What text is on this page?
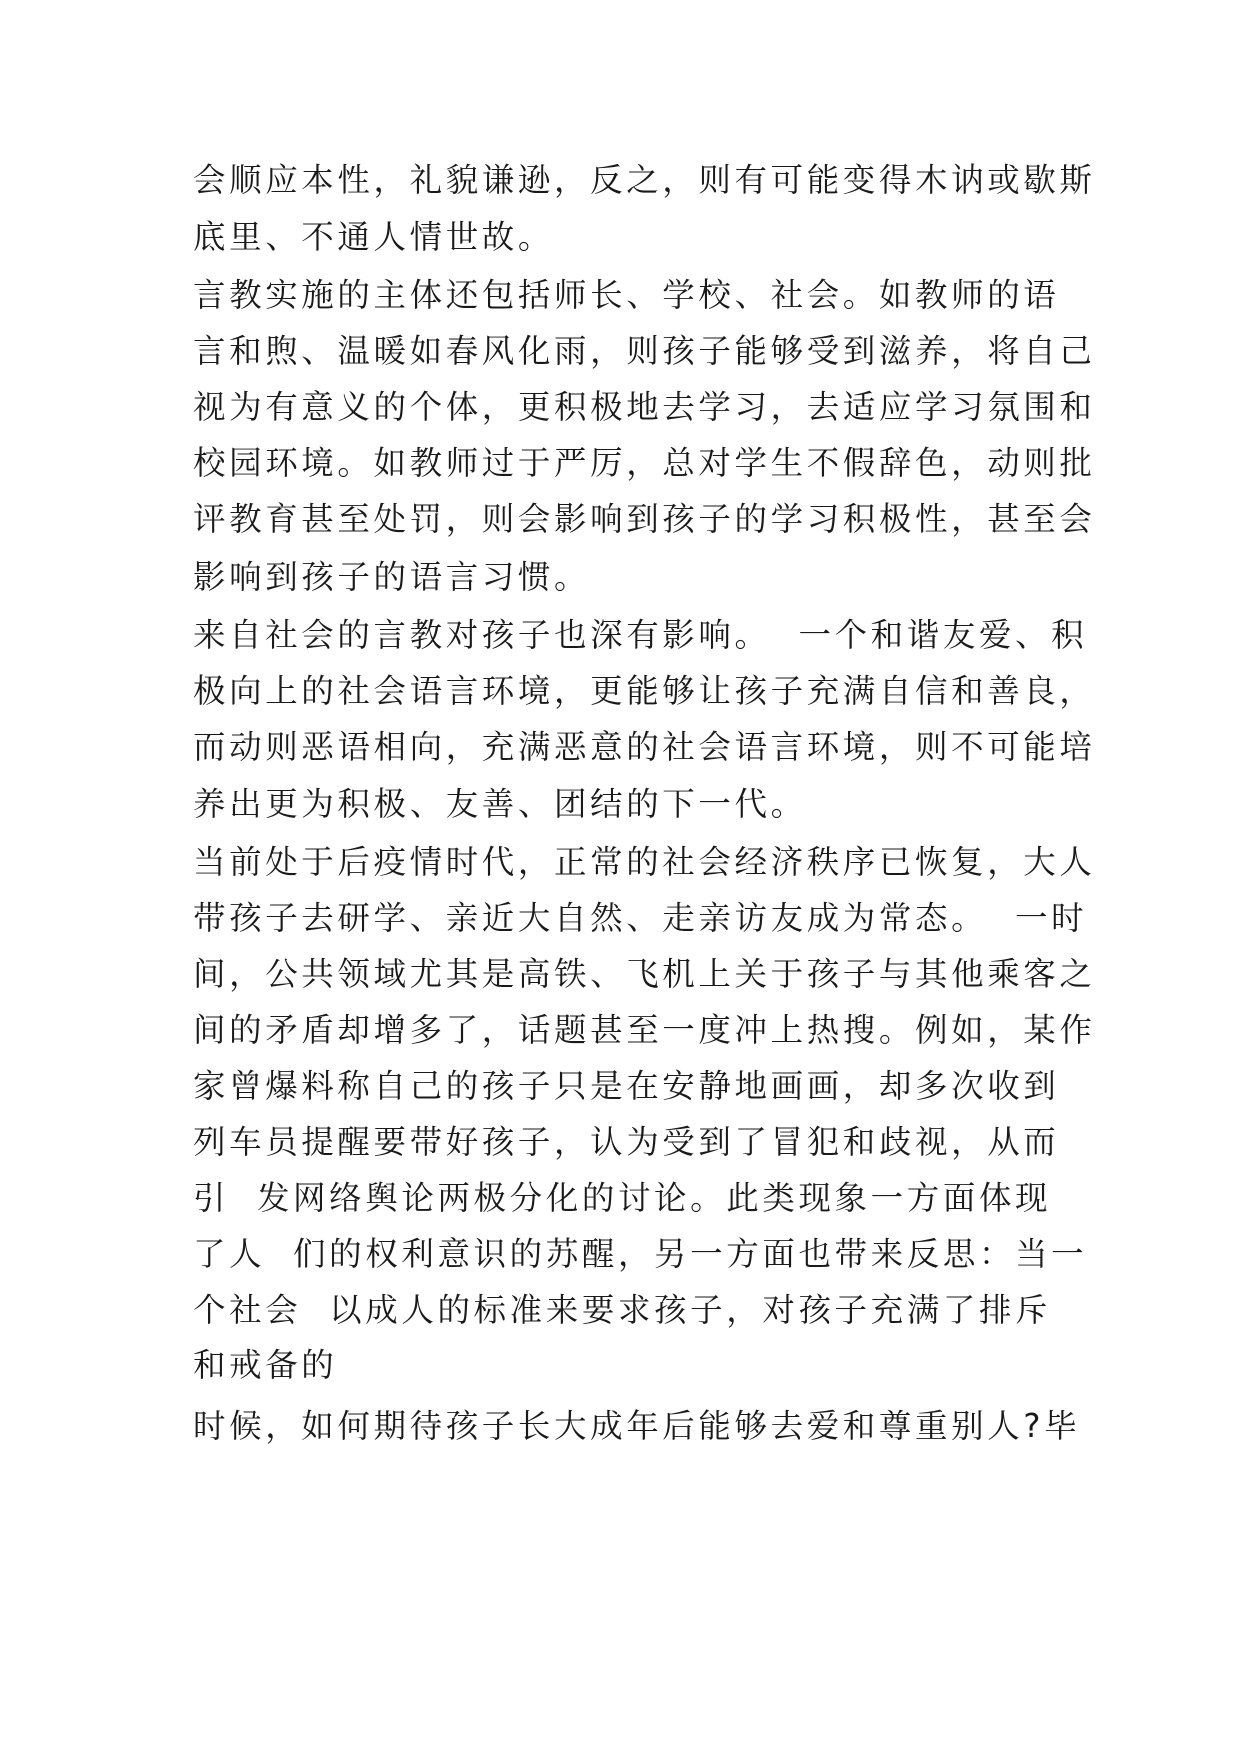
会顺应本性，礼貌谦逊，反之，则有可能变得木讷或歇斯
底里、不通人情世故。
言教实施的主体还包括师长、学校、社会。如教师的语
言和煦、温暖如春风化雨，则孩子能够受到滋养，将自己
视为有意义的个体，更积极地去学习，去适应学习氛围和
校园环境。如教师过于严厉，总对学生不假辞色，动则批
评教育甚至处罚，则会影响到孩子的学习积极性，甚至会
影响到孩子的语言习惯。
来自社会的言教对孩子也深有影响。  一个和谐友爱、积
极向上的社会语言环境，更能够让孩子充满自信和善良，
而动则恶语相向，充满恶意的社会语言环境，则不可能培
养出更为积极、友善、团结的下一代。
当前处于后疫情时代，正常的社会经济秩序已恢复，大人
带孩子去研学、亲近大自然、走亲访友成为常态。  一时
间，公共领域尤其是高铁、飞机上关于孩子与其他乘客之
间的矛盾却增多了，话题甚至一度冲上热搜。例如，某作
家曾爆料称自己的孩子只是在安静地画画，却多次收到
列车员提醒要带好孩子，认为受到了冒犯和歧视，从而
引  发网络舆论两极分化的讨论。此类现象一方面体现
了人  们的权利意识的苏醒，另一方面也带来反思：当一
个社会  以成人的标准来要求孩子，对孩子充满了排斥
和戒备的
时候，如何期待孩子长大成年后能够去爱和尊重别人?毕
